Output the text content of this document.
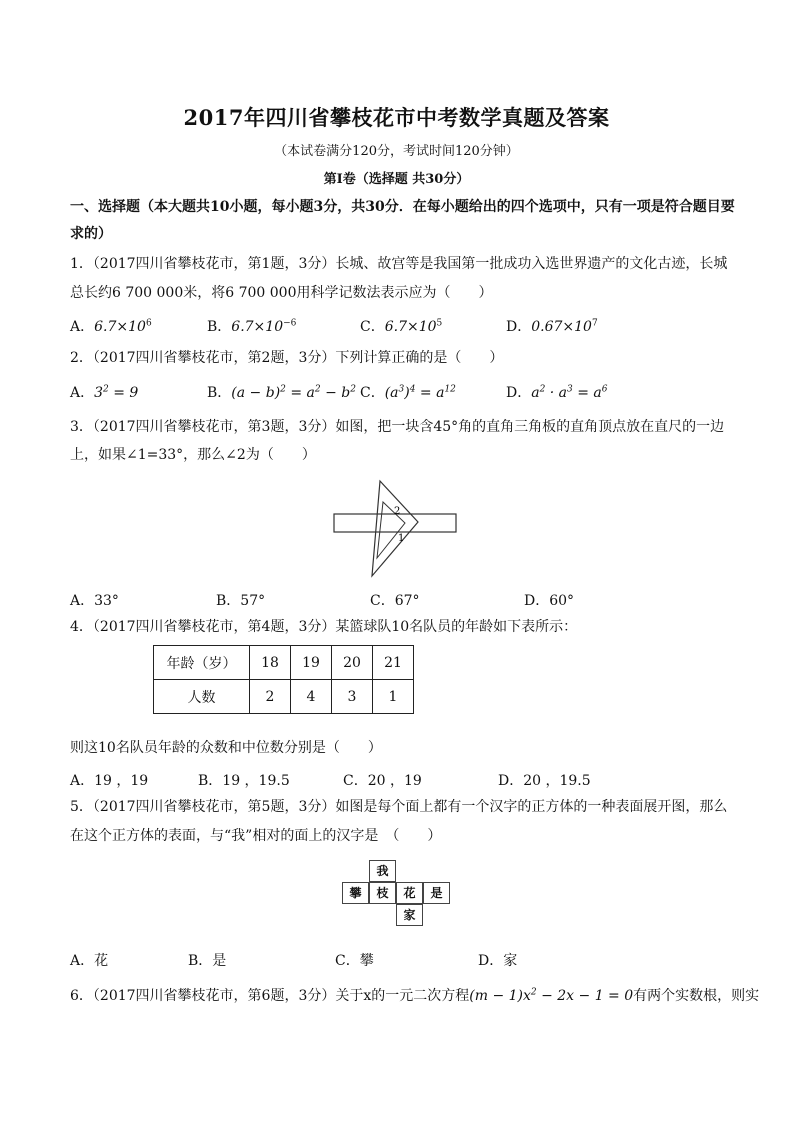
2017年四川省攀枝花市中考数学真题及答案
（本试卷满分120分，考试时间120分钟）
第Ⅰ卷（选择题 共30分）
一、选择题（本大题共10小题，每小题3分，共30分．在每小题给出的四个选项中，只有一项是符合题目要
求的）
1．（2017四川省攀枝花市，第1题，3分）长城、故宫等是我国第一批成功入选世界遗产的文化古迹，长城
总长约6 700 000米，将6 700 000用科学记数法表示应为（　　）
A．$6.7\times 10^6$	B．$6.7\times 10^{-6}$	C．$6.7\times 10^5$	D．$0.67\times 10^7$
2．（2017四川省攀枝花市，第2题，3分）下列计算正确的是（　　）
A．$3^2 = 9$	B．$(a - b)^2 = a^2 - b^2$ C．$(a^3)^4 = a^{12}$	D．$a^2 \cdot a^3 = a^6$
3．（2017四川省攀枝花市，第3题，3分）如图，把一块含45°角的直角三角板的直角顶点放在直尺的一边
上，如果∠1=33°，那么∠2为（　　）
2
1
A．33°	B．57°	C．67°	D．60°
4．（2017四川省攀枝花市，第4题，3分）某篮球队10名队员的年龄如下表所示：
年龄（岁）	18	19	20	21
人数	2	4	3	1
则这10名队员年龄的众数和中位数分别是（　　）
A．19 ，19	B．19 ，19.5	C．20 ，19	D．20 ，19.5
5．（2017四川省攀枝花市，第5题，3分）如图是每个面上都有一个汉字的正方体的一种表面展开图，那么
在这个正方体的表面，与“我”相对的面上的汉字是　（　　）
我
攀	枝	花	是
家
A．花	B．是	C．攀	D．家
6．（2017四川省攀枝花市，第6题，3分）关于x的一元二次方程$(m - 1)x^2 - 2x - 1 = 0$有两个实数根，则实
